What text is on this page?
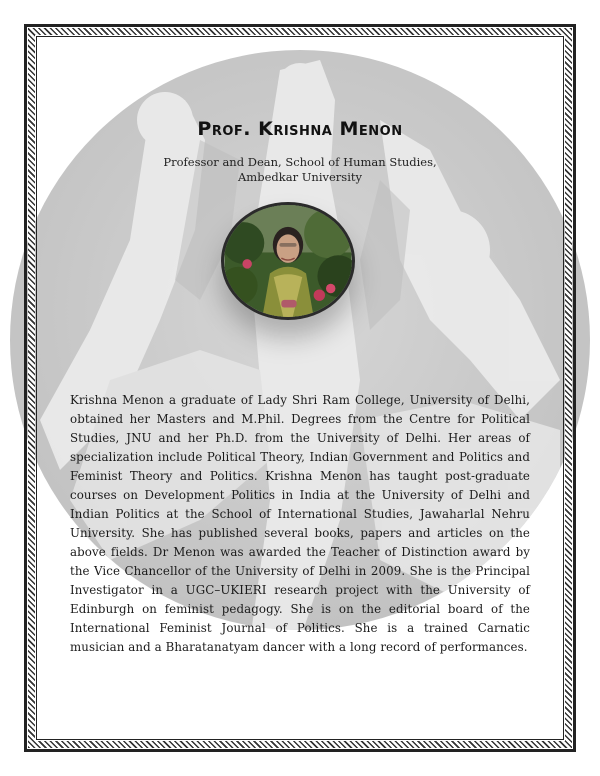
Prof. Krishna Menon
Professor and Dean, School of Human Studies,
Ambedkar University

Krishna Menon a graduate of Lady Shri Ram College, University of Delhi, obtained her Masters and M.Phil. Degrees from the Centre for Political Studies, JNU and her Ph.D. from the University of Delhi. Her areas of specialization include Political Theory, Indian Government and Politics and Feminist Theory and Politics. Krishna Menon has taught post-graduate courses on Development Politics in India at the University of Delhi and Indian Politics at the School of International Studies, Jawaharlal Nehru University. She has published several books, papers and articles on the above fields. Dr Menon was awarded the Teacher of Distinction award by the Vice Chancellor of the University of Delhi in 2009. She is the Principal Investigator in a UGC–UKIERI research project with the University of Edinburgh on feminist pedagogy. She is on the editorial board of the International Feminist Journal of Politics. She is a trained Carnatic musician and a Bharatanatyam dancer with a long record of performances.
